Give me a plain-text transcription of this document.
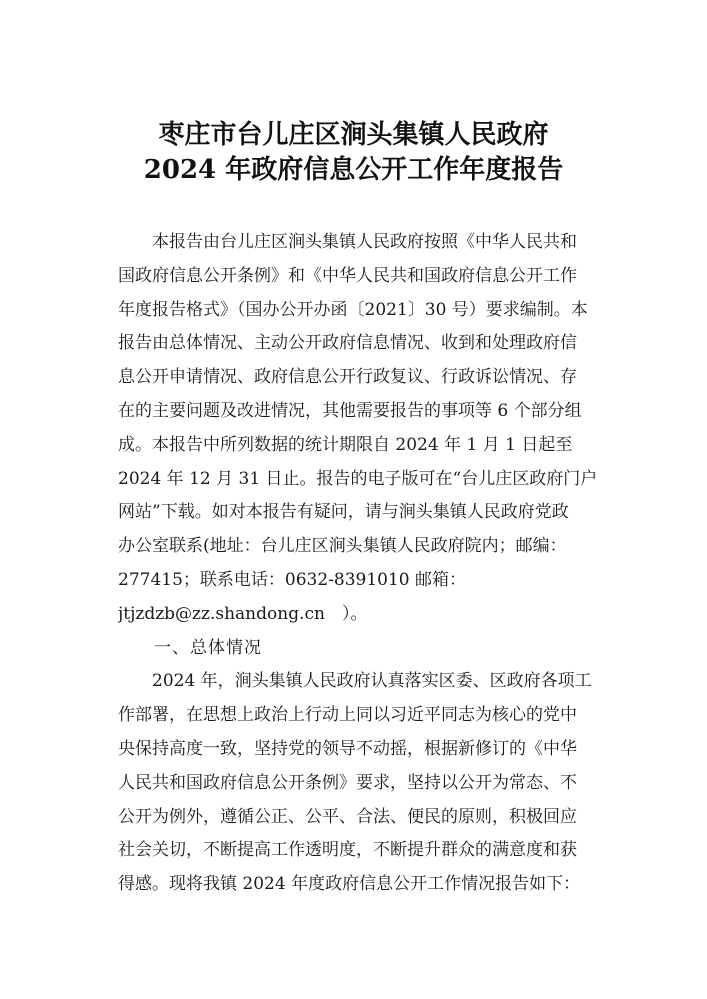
枣庄市台儿庄区涧头集镇人民政府
2024 年政府信息公开工作年度报告
　　本报告由台儿庄区涧头集镇人民政府按照《中华人民共和
国政府信息公开条例》和《中华人民共和国政府信息公开工作
年度报告格式》（国办公开办函〔2021〕30 号）要求编制。本
报告由总体情况、主动公开政府信息情况、收到和处理政府信
息公开申请情况、政府信息公开行政复议、行政诉讼情况、存
在的主要问题及改进情况，其他需要报告的事项等 6 个部分组
成。本报告中所列数据的统计期限自 2024 年 1 月 1 日起至
2024 年 12 月 31 日止。报告的电子版可在“台儿庄区政府门户
网站”下载。如对本报告有疑问，请与涧头集镇人民政府党政
办公室联系(地址：台儿庄区涧头集镇人民政府院内；邮编：
277415；联系电话：0632-8391010 邮箱：
jtjzdzb@zz.shandong.cn　）。
　　一、总体情况
　　2024 年，涧头集镇人民政府认真落实区委、区政府各项工
作部署，在思想上政治上行动上同以习近平同志为核心的党中
央保持高度一致，坚持党的领导不动摇，根据新修订的《中华
人民共和国政府信息公开条例》要求，坚持以公开为常态、不
公开为例外，遵循公正、公平、合法、便民的原则，积极回应
社会关切，不断提高工作透明度，不断提升群众的满意度和获
得感。现将我镇 2024 年度政府信息公开工作情况报告如下：
